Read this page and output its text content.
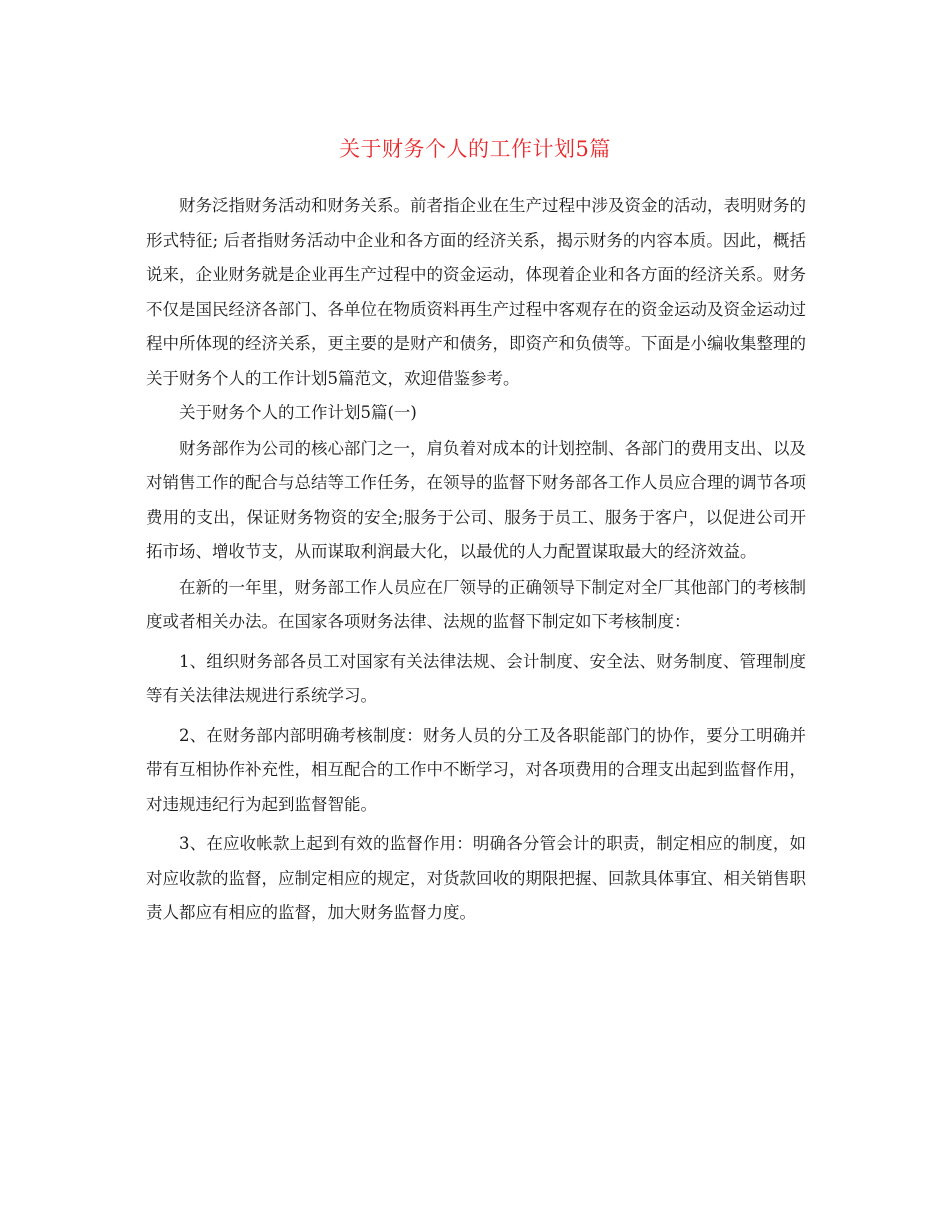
关于财务个人的工作计划5篇

财务泛指财务活动和财务关系。前者指企业在生产过程中涉及资金的活动，表明财务的形式特征; 后者指财务活动中企业和各方面的经济关系，揭示财务的内容本质。因此，概括说来，企业财务就是企业再生产过程中的资金运动，体现着企业和各方面的经济关系。财务不仅是国民经济各部门、各单位在物质资料再生产过程中客观存在的资金运动及资金运动过程中所体现的经济关系，更主要的是财产和债务，即资产和负债等。下面是小编收集整理的关于财务个人的工作计划5篇范文，欢迎借鉴参考。

关于财务个人的工作计划5篇(一)

财务部作为公司的核心部门之一，肩负着对成本的计划控制、各部门的费用支出、以及对销售工作的配合与总结等工作任务，在领导的监督下财务部各工作人员应合理的调节各项费用的支出，保证财务物资的安全;服务于公司、服务于员工、服务于客户，以促进公司开拓市场、增收节支，从而谋取利润最大化，以最优的人力配置谋取最大的经济效益。

在新的一年里，财务部工作人员应在厂领导的正确领导下制定对全厂其他部门的考核制度或者相关办法。在国家各项财务法律、法规的监督下制定如下考核制度：

1、组织财务部各员工对国家有关法律法规、会计制度、安全法、财务制度、管理制度等有关法律法规进行系统学习。

2、在财务部内部明确考核制度：财务人员的分工及各职能部门的协作，要分工明确并带有互相协作补充性，相互配合的工作中不断学习，对各项费用的合理支出起到监督作用，对违规违纪行为起到监督智能。

3、在应收帐款上起到有效的监督作用：明确各分管会计的职责，制定相应的制度，如对应收款的监督，应制定相应的规定，对货款回收的期限把握、回款具体事宜、相关销售职责人都应有相应的监督，加大财务监督力度。
